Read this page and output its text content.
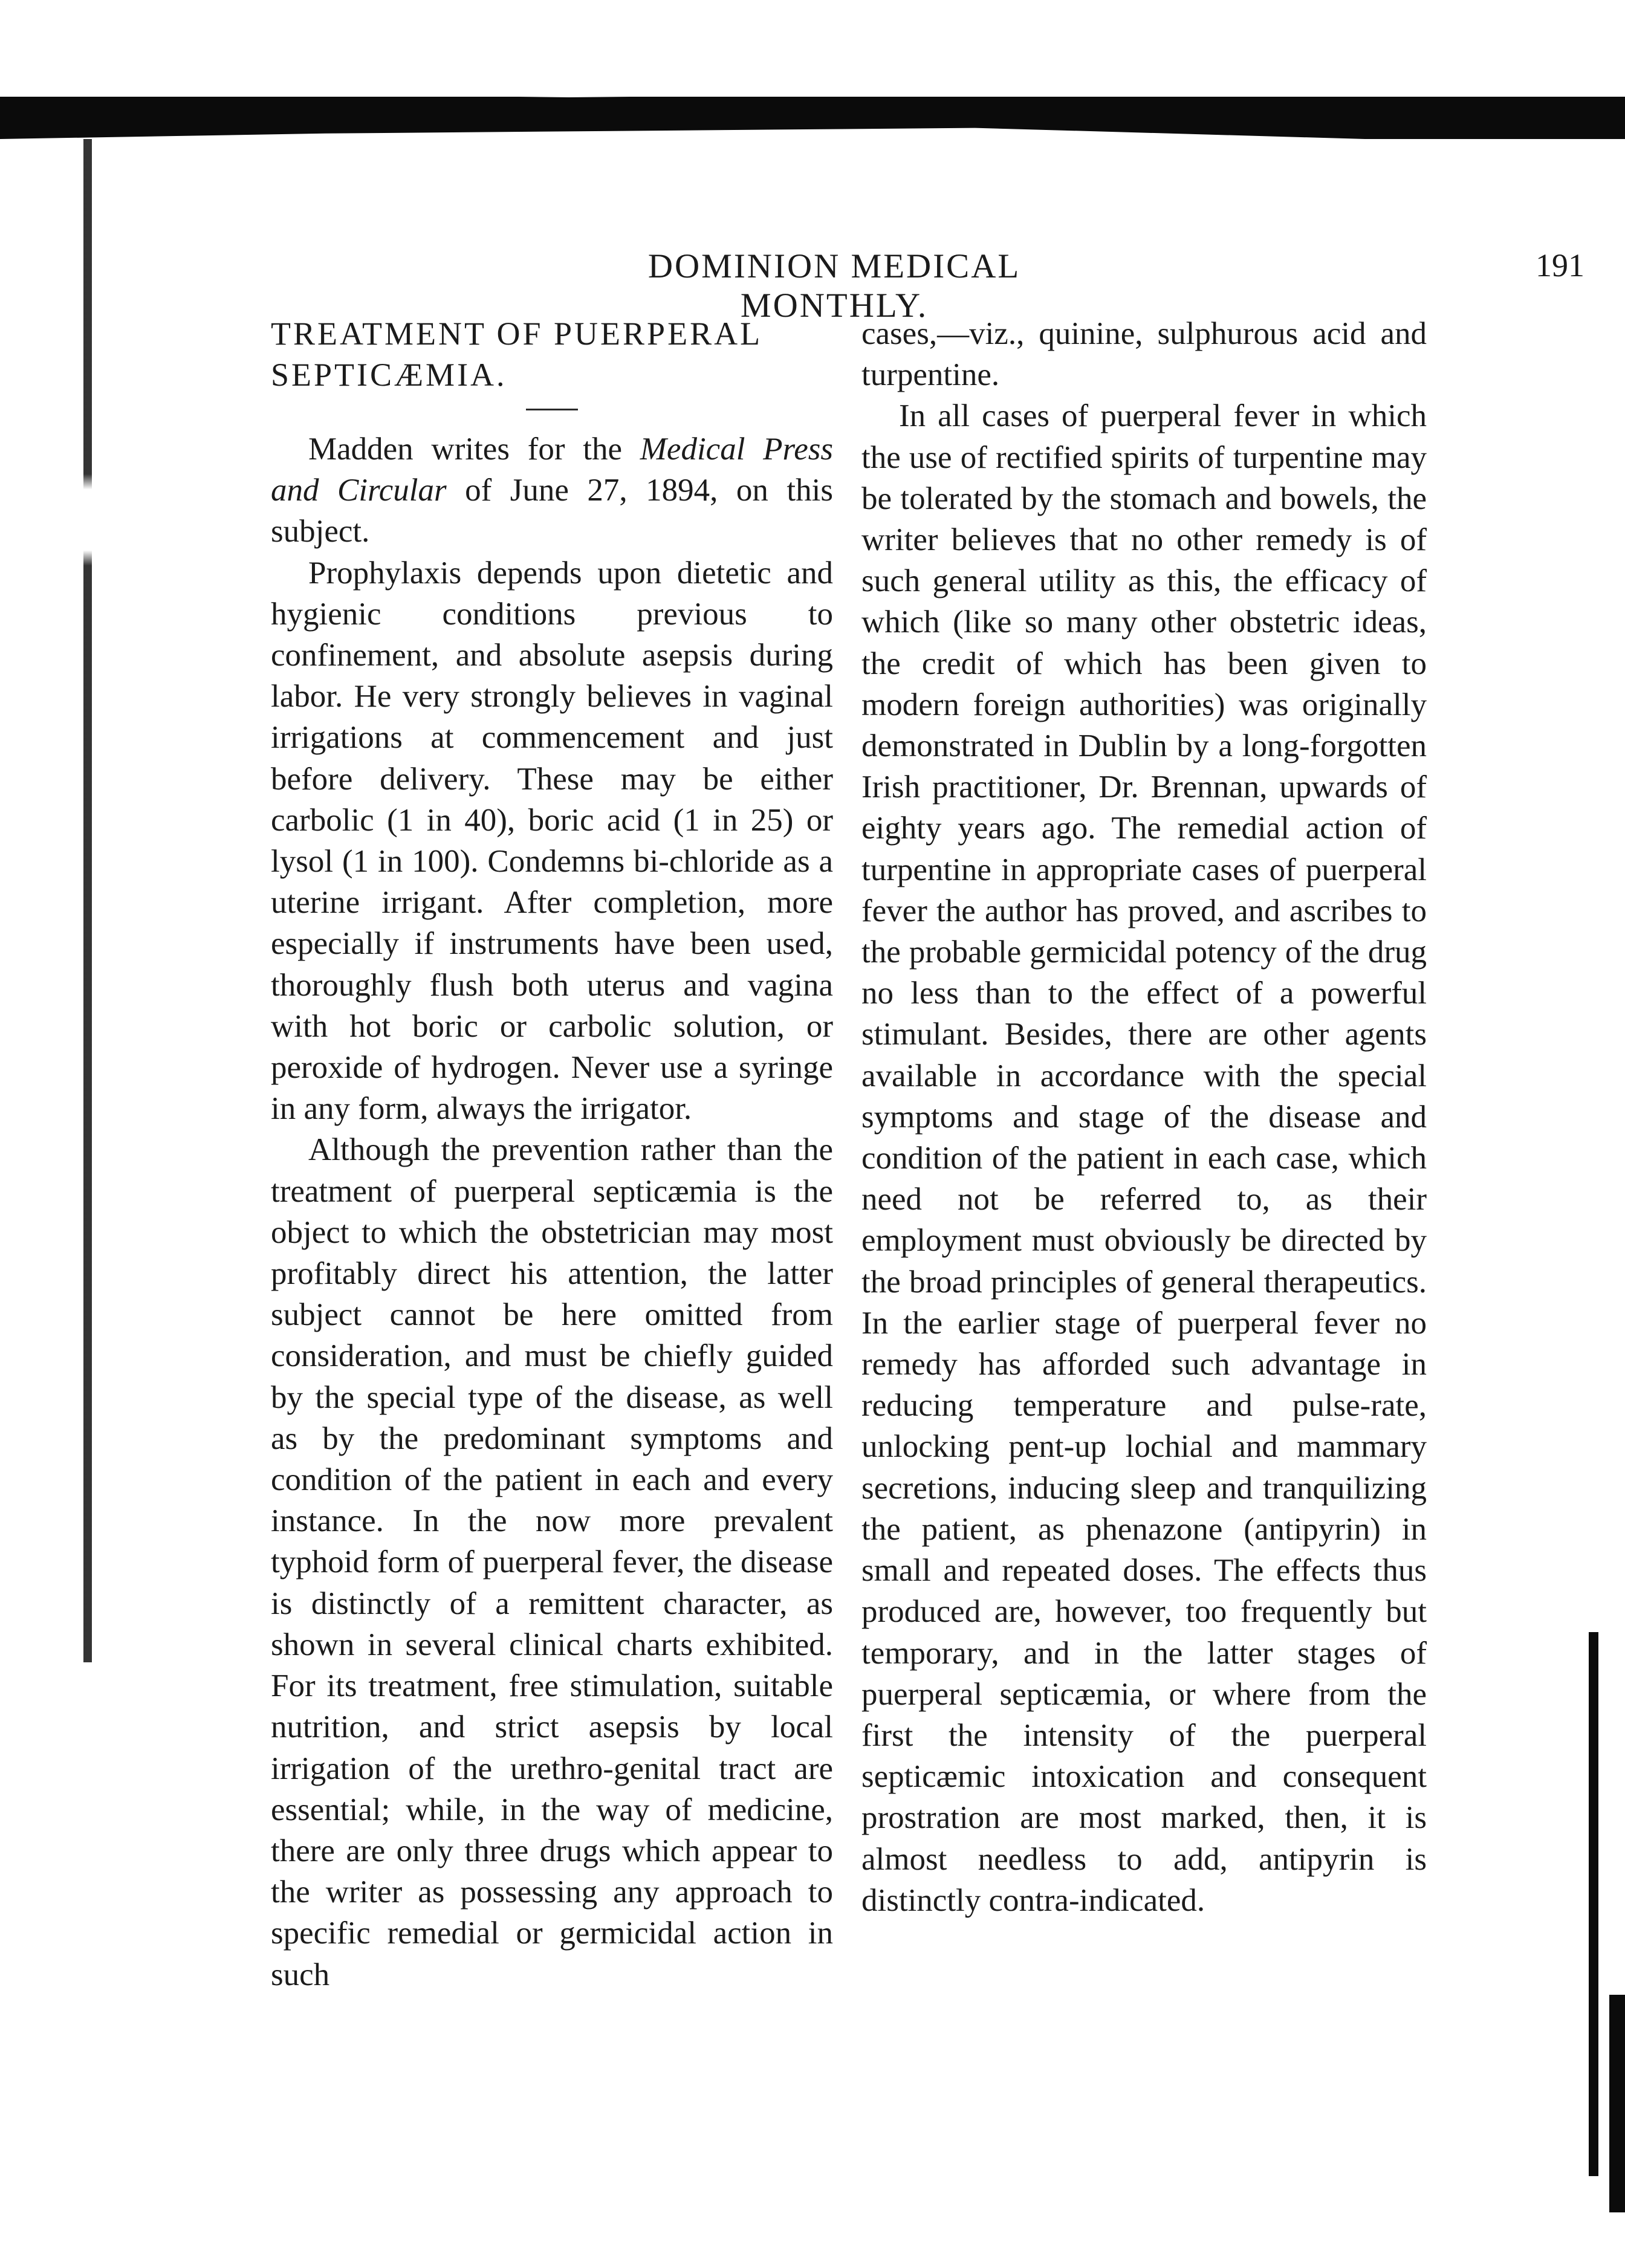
DOMINION MEDICAL MONTHLY.
191

TREATMENT OF PUERPERAL

SEPTICÆMIA.

Madden writes for the Medical Press and Circular of June 27, 1894, on this subject.

Prophylaxis depends upon dietetic and hygienic conditions previous to confinement, and absolute asepsis during labor. He very strongly believes in vaginal irrigations at commencement and just before delivery. These may be either carbolic (1 in 40), boric acid (1 in 25) or lysol (1 in 100). Condemns bi-chloride as a uterine irrigant. After completion, more especially if instruments have been used, thoroughly flush both uterus and vagina with hot boric or carbolic solution, or peroxide of hydrogen. Never use a syringe in any form, always the irrigator.

Although the prevention rather than the treatment of puerperal septicæmia is the object to which the obstetrician may most profitably direct his attention, the latter subject cannot be here omitted from consideration, and must be chiefly guided by the special type of the disease, as well as by the predominant symptoms and condition of the patient in each and every instance. In the now more prevalent typhoid form of puerperal fever, the disease is distinctly of a remittent character, as shown in several clinical charts exhibited. For its treatment, free stimulation, suitable nutrition, and strict asepsis by local irrigation of the urethro-genital tract are essential; while, in the way of medicine, there are only three drugs which appear to the writer as possessing any approach to specific remedial or germicidal action in such

cases,—viz., quinine, sulphurous acid and turpentine.

In all cases of puerperal fever in which the use of rectified spirits of turpentine may be tolerated by the stomach and bowels, the writer believes that no other remedy is of such general utility as this, the efficacy of which (like so many other obstetric ideas, the credit of which has been given to modern foreign authorities) was originally demonstrated in Dublin by a long-forgotten Irish practitioner, Dr. Brennan, upwards of eighty years ago. The remedial action of turpentine in appropriate cases of puerperal fever the author has proved, and ascribes to the probable germicidal potency of the drug no less than to the effect of a powerful stimulant. Besides, there are other agents available in accordance with the special symptoms and stage of the disease and condition of the patient in each case, which need not be referred to, as their employment must obviously be directed by the broad principles of general therapeutics. In the earlier stage of puerperal fever no remedy has afforded such advantage in reducing temperature and pulse-rate, unlocking pent-up lochial and mammary secretions, inducing sleep and tranquilizing the patient, as phenazone (antipyrin) in small and repeated doses. The effects thus produced are, however, too frequently but temporary, and in the latter stages of puerperal septicæmia, or where from the first the intensity of the puerperal septicæmic intoxication and consequent prostration are most marked, then, it is almost needless to add, antipyrin is distinctly contra-indicated.
